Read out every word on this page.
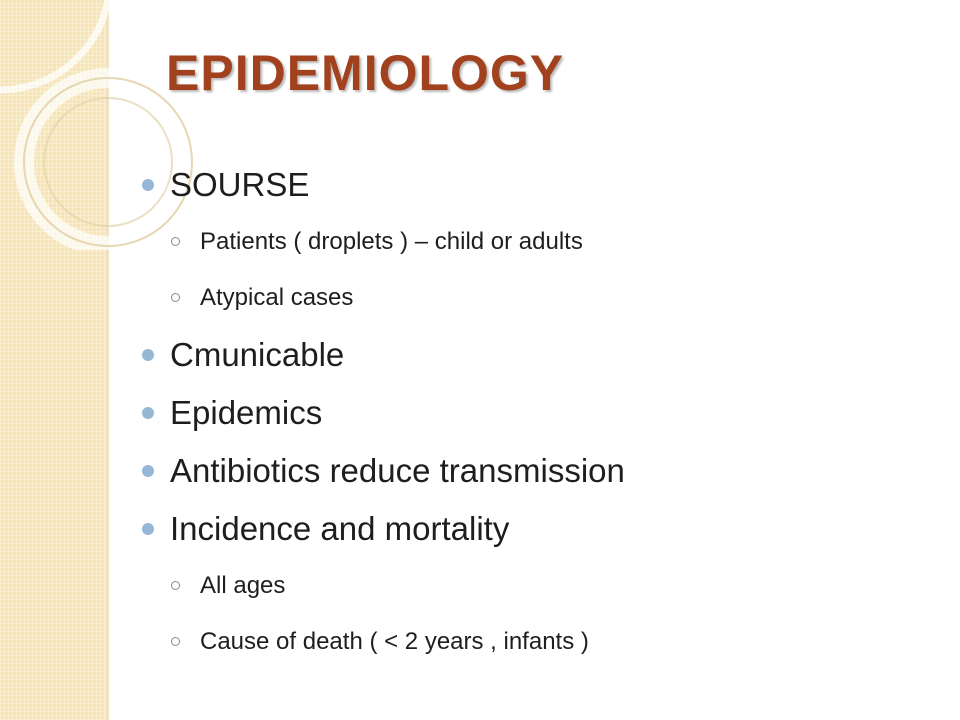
EPIDEMIOLOGY
SOURSE
Patients ( droplets ) – child or adults
Atypical cases
Cmunicable
Epidemics
Antibiotics reduce transmission
Incidence and mortality
All ages
Cause of death ( < 2 years , infants )
